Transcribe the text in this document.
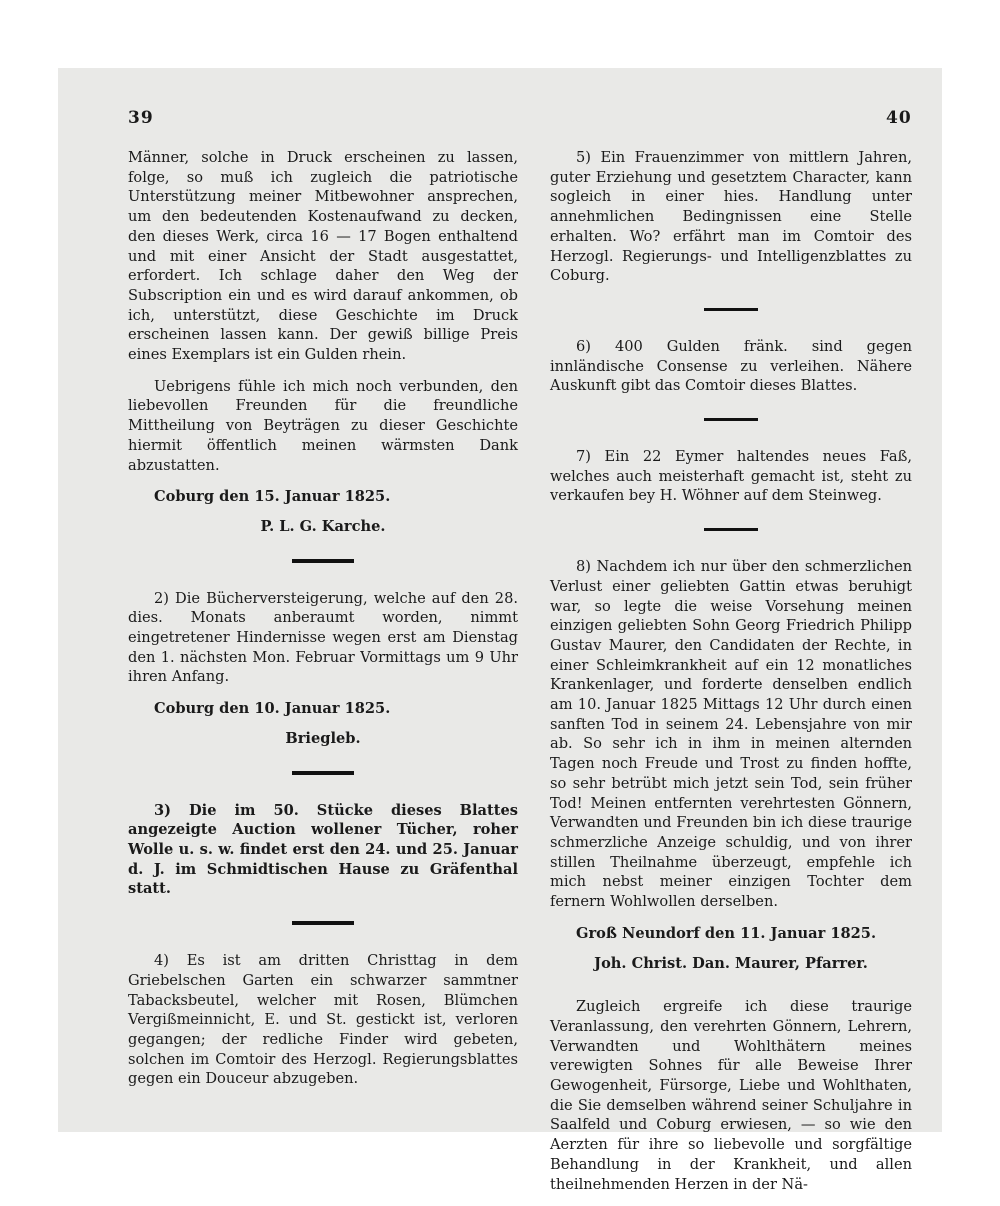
39	40

Männer, solche in Druck erscheinen zu lassen, folge, so muß ich zugleich die patriotische Unterstützung meiner Mitbewohner ansprechen, um den bedeutenden Kostenaufwand zu decken, den dieses Werk, circa 16 — 17 Bogen enthaltend und mit einer Ansicht der Stadt ausgestattet, erfordert. Ich schlage daher den Weg der Subscription ein und es wird darauf ankommen, ob ich, unterstützt, diese Geschichte im Druck erscheinen lassen kann. Der gewiß billige Preis eines Exemplars ist ein Gulden rhein.

Uebrigens fühle ich mich noch verbunden, den liebevollen Freunden für die freundliche Mittheilung von Beyträgen zu dieser Geschichte hiermit öffentlich meinen wärmsten Dank abzustatten.

Coburg den 15. Januar 1825.
P. L. G. Karche.

2) Die Bücherversteigerung, welche auf den 28. dies. Monats anberaumt worden, nimmt eingetretener Hindernisse wegen erst am Dienstag den 1. nächsten Mon. Februar Vormittags um 9 Uhr ihren Anfang.

Coburg den 10. Januar 1825.
Briegleb.

3) Die im 50. Stücke dieses Blattes angezeigte Auction wollener Tücher, roher Wolle u. s. w. findet erst den 24. und 25. Januar d. J. im Schmidtischen Hause zu Gräfenthal statt.

4) Es ist am dritten Christtag in dem Griebelschen Garten ein schwarzer sammtner Tabacksbeutel, welcher mit Rosen, Blümchen Vergißmeinnicht, E. und St. gestickt ist, verloren gegangen; der redliche Finder wird gebeten, solchen im Comtoir des Herzogl. Regierungsblattes gegen ein Douceur abzugeben.

5) Ein Frauenzimmer von mittlern Jahren, guter Erziehung und gesetztem Character, kann sogleich in einer hies. Handlung unter annehmlichen Bedingnissen eine Stelle erhalten. Wo? erfährt man im Comtoir des Herzogl. Regierungs- und Intelligenzblattes zu Coburg.

6) 400 Gulden fränk. sind gegen innländische Consense zu verleihen. Nähere Auskunft gibt das Comtoir dieses Blattes.

7) Ein 22 Eymer haltendes neues Faß, welches auch meisterhaft gemacht ist, steht zu verkaufen bey H. Wöhner auf dem Steinweg.

8) Nachdem ich nur über den schmerzlichen Verlust einer geliebten Gattin etwas beruhigt war, so legte die weise Vorsehung meinen einzigen geliebten Sohn Georg Friedrich Philipp Gustav Maurer, den Candidaten der Rechte, in einer Schleimkrankheit auf ein 12 monatliches Krankenlager, und forderte denselben endlich am 10. Januar 1825 Mittags 12 Uhr durch einen sanften Tod in seinem 24. Lebensjahre von mir ab. So sehr ich in ihm in meinen alternden Tagen noch Freude und Trost zu finden hoffte, so sehr betrübt mich jetzt sein Tod, sein früher Tod! Meinen entfernten verehrtesten Gönnern, Verwandten und Freunden bin ich diese traurige schmerzliche Anzeige schuldig, und von ihrer stillen Theilnahme überzeugt, empfehle ich mich nebst meiner einzigen Tochter dem fernern Wohlwollen derselben.

Groß Neundorf den 11. Januar 1825.
Joh. Christ. Dan. Maurer, Pfarrer.

Zugleich ergreife ich diese traurige Veranlassung, den verehrten Gönnern, Lehrern, Verwandten und Wohlthätern meines verewigten Sohnes für alle Beweise Ihrer Gewogenheit, Fürsorge, Liebe und Wohlthaten, die Sie demselben während seiner Schuljahre in Saalfeld und Coburg erwiesen, — so wie den Aerzten für ihre so liebevolle und sorgfältige Behandlung in der Krankheit, und allen theilnehmenden Herzen in der Nä-
